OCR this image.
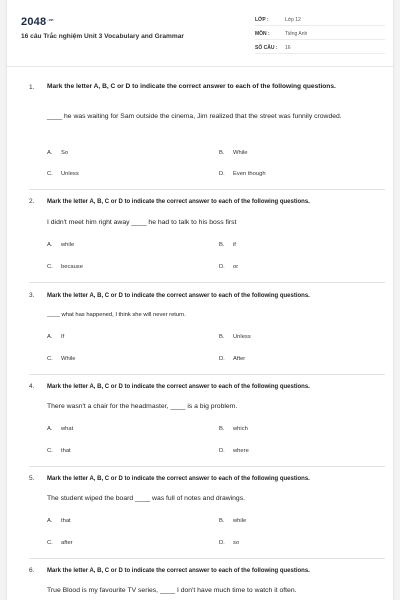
$2048^{.vn}$
16 câu Trắc nghiệm Unit 3 Vocabulary and Grammar
LỚP :	Lớp 12
MÔN :	Tiếng Anh
SỐ CÂU :	16
1. Mark the letter A, B, C or D to indicate the correct answer to each of the following questions.
____ he was waiting for Sam outside the cinema, Jim realized that the street was funnily crowded.
A. So	B. While
C. Unless	D. Even though
2. Mark the letter A, B, C or D to indicate the correct answer to each of the following questions.
I didn't meet him right away ____ he had to talk to his boss first
A. while	B. if
C. because	D. or
3. Mark the letter A, B, C or D to indicate the correct answer to each of the following questions.
____ what has happened, I think she will never return.
A. If	B. Unless
C. While	D. After
4. Mark the letter A, B, C or D to indicate the correct answer to each of the following questions.
There wasn't a chair for the headmaster, ____ is a big problem.
A. what	B. which
C. that	D. where
5. Mark the letter A, B, C or D to indicate the correct answer to each of the following questions.
The student wiped the board ____ was full of notes and drawings.
A. that	B. while
C. after	D. so
6. Mark the letter A, B, C or D to indicate the correct answer to each of the following questions.
True Blood is my favourite TV series, ____ I don't have much time to watch it often.
